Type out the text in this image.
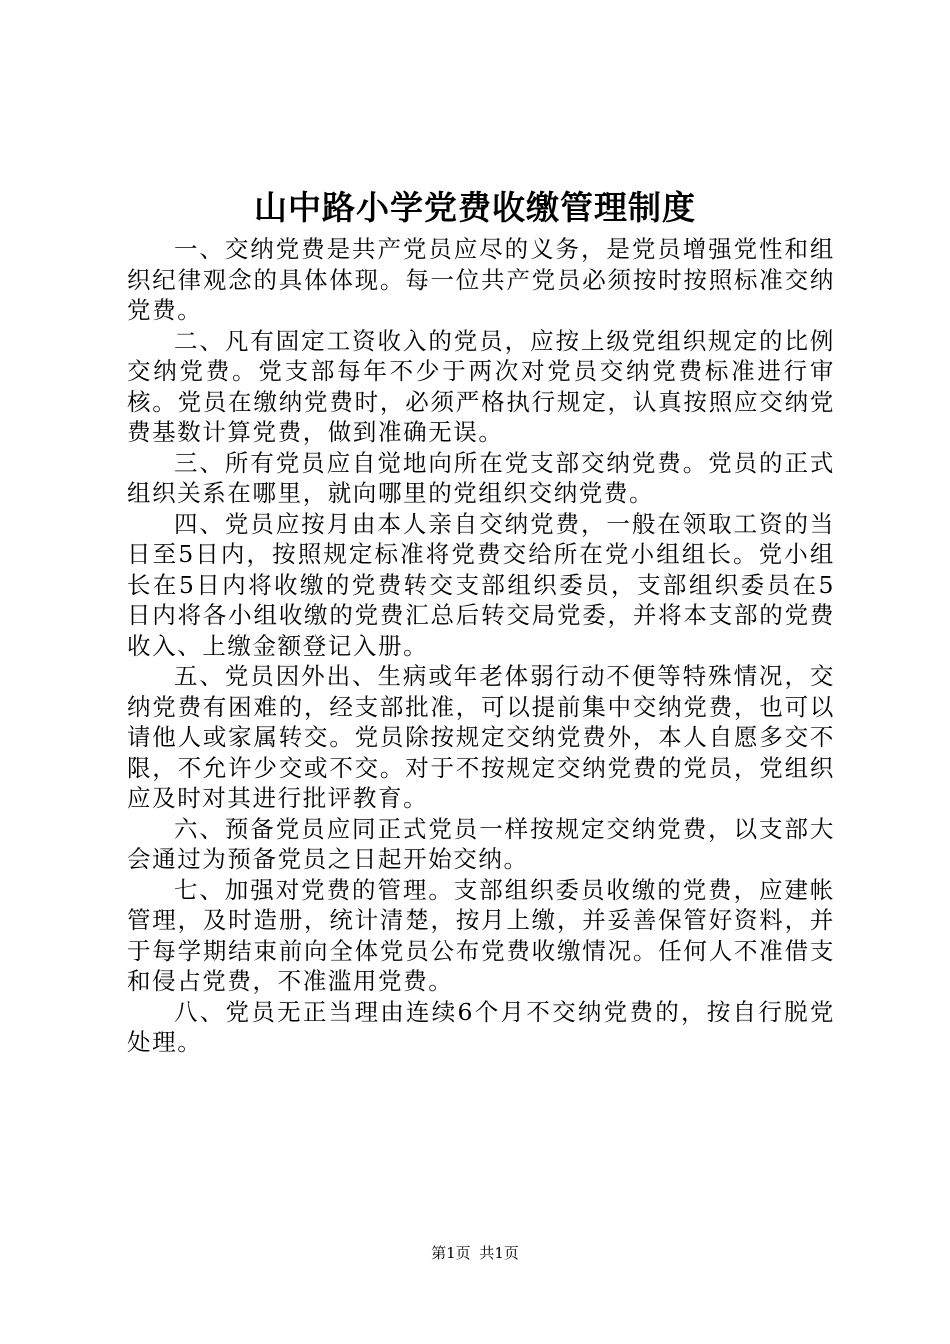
山中路小学党费收缴管理制度

一、交纳党费是共产党员应尽的义务，是党员增强党性和组织纪律观念的具体体现。每一位共产党员必须按时按照标准交纳党费。

二、凡有固定工资收入的党员，应按上级党组织规定的比例交纳党费。党支部每年不少于两次对党员交纳党费标准进行审核。党员在缴纳党费时，必须严格执行规定，认真按照应交纳党费基数计算党费，做到准确无误。

三、所有党员应自觉地向所在党支部交纳党费。党员的正式组织关系在哪里，就向哪里的党组织交纳党费。

四、党员应按月由本人亲自交纳党费，一般在领取工资的当日至5日内，按照规定标准将党费交给所在党小组组长。党小组长在5日内将收缴的党费转交支部组织委员，支部组织委员在5日内将各小组收缴的党费汇总后转交局党委，并将本支部的党费收入、上缴金额登记入册。

五、党员因外出、生病或年老体弱行动不便等特殊情况，交纳党费有困难的，经支部批准，可以提前集中交纳党费，也可以请他人或家属转交。党员除按规定交纳党费外，本人自愿多交不限，不允许少交或不交。对于不按规定交纳党费的党员，党组织应及时对其进行批评教育。

六、预备党员应同正式党员一样按规定交纳党费，以支部大会通过为预备党员之日起开始交纳。

七、加强对党费的管理。支部组织委员收缴的党费，应建帐管理，及时造册，统计清楚，按月上缴，并妥善保管好资料，并于每学期结束前向全体党员公布党费收缴情况。任何人不准借支和侵占党费，不准滥用党费。

八、党员无正当理由连续6个月不交纳党费的，按自行脱党处理。

第1页 共1页
